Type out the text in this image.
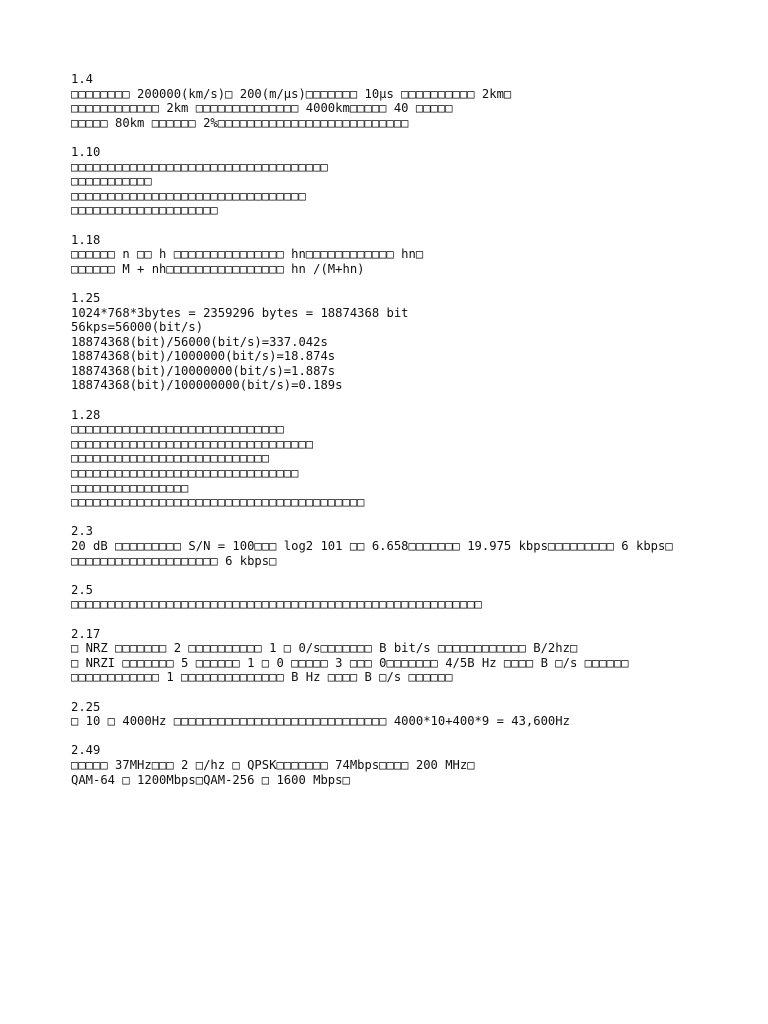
1.4
□□□□□□□□ 200000(km/s)□ 200(m/μs)□□□□□□□ 10μs □□□□□□□□□□ 2km□
□□□□□□□□□□□□ 2km □□□□□□□□□□□□□□ 4000km□□□□□ 40 □□□□□
□□□□□ 80km □□□□□□ 2%□□□□□□□□□□□□□□□□□□□□□□□□□□
1.10
□□□□□□□□□□□□□□□□□□□□□□□□□□□□□□□□□□□
□□□□□□□□□□□
□□□□□□□□□□□□□□□□□□□□□□□□□□□□□□□□
□□□□□□□□□□□□□□□□□□□□
1.18
□□□□□□ n □□ h □□□□□□□□□□□□□□□ hn□□□□□□□□□□□□ hn□
□□□□□□ M + nh□□□□□□□□□□□□□□□□ hn /(M+hn)
1.25
1024*768*3bytes = 2359296 bytes = 18874368 bit
56kps=56000(bit/s)
18874368(bit)/56000(bit/s)=337.042s
18874368(bit)/1000000(bit/s)=18.874s
18874368(bit)/10000000(bit/s)=1.887s
18874368(bit)/100000000(bit/s)=0.189s
1.28
□□□□□□□□□□□□□□□□□□□□□□□□□□□□□
□□□□□□□□□□□□□□□□□□□□□□□□□□□□□□□□□
□□□□□□□□□□□□□□□□□□□□□□□□□□□
□□□□□□□□□□□□□□□□□□□□□□□□□□□□□□□
□□□□□□□□□□□□□□□□
□□□□□□□□□□□□□□□□□□□□□□□□□□□□□□□□□□□□□□□□
2.3
20 dB □□□□□□□□□ S/N = 100□□□ log2 101 □□ 6.658□□□□□□□ 19.975 kbps□□□□□□□□□ 6 kbps□
□□□□□□□□□□□□□□□□□□□□ 6 kbps□
2.5
□□□□□□□□□□□□□□□□□□□□□□□□□□□□□□□□□□□□□□□□□□□□□□□□□□□□□□□□
2.17
□ NRZ □□□□□□□ 2 □□□□□□□□□□ 1 □ 0/s□□□□□□□ B bit/s □□□□□□□□□□□□ B/2hz□
□ NRZI □□□□□□□ 5 □□□□□□ 1 □ 0 □□□□□ 3 □□□ 0□□□□□□□ 4/5B Hz □□□□ B □/s □□□□□□
□□□□□□□□□□□□ 1 □□□□□□□□□□□□□□ B Hz □□□□ B □/s □□□□□□
2.25
□ 10 □ 4000Hz □□□□□□□□□□□□□□□□□□□□□□□□□□□□□ 4000*10+400*9 = 43,600Hz
2.49
□□□□□ 37MHz□□□ 2 □/hz □ QPSK□□□□□□□ 74Mbps□□□□ 200 MHz□
QAM-64 □ 1200Mbps□QAM-256 □ 1600 Mbps□
